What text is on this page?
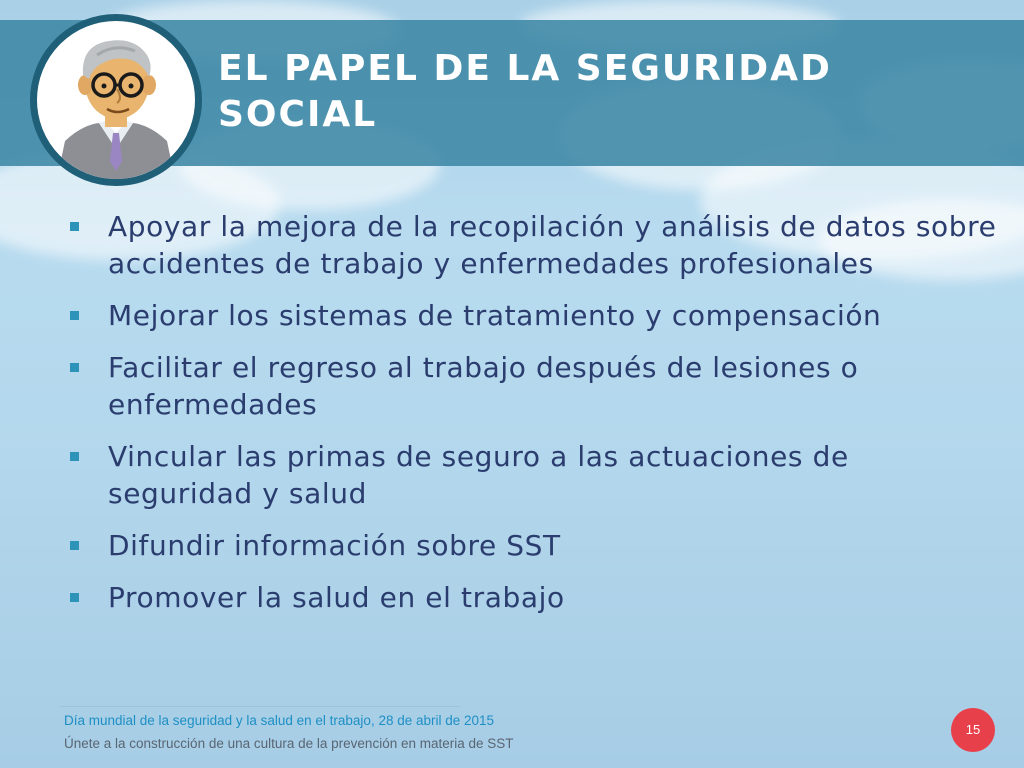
EL PAPEL DE LA SEGURIDAD SOCIAL
Apoyar la mejora de la recopilación y análisis de datos sobre accidentes de trabajo y enfermedades profesionales
Mejorar los sistemas de tratamiento y compensación
Facilitar el regreso al trabajo después de lesiones o enfermedades
Vincular las primas de seguro a las actuaciones de seguridad y salud
Difundir información sobre SST
Promover la salud en el trabajo
Día mundial de la seguridad y la salud en el trabajo, 28 de abril de 2015
Únete a la construcción de una cultura de la prevención en materia de SST
15
